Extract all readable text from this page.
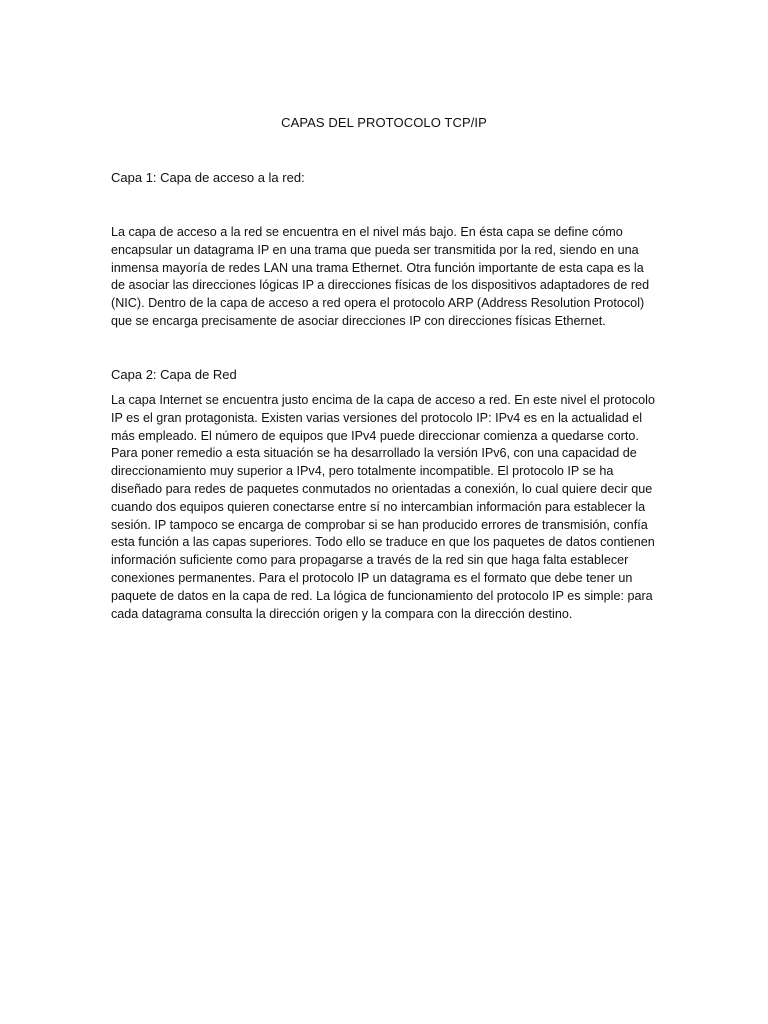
CAPAS DEL PROTOCOLO TCP/IP
Capa 1: Capa de acceso a la red:
La capa de acceso a la red se encuentra en el nivel más bajo. En ésta capa se define cómo encapsular un datagrama IP en una trama que pueda ser transmitida por la red, siendo en una inmensa mayoría de redes LAN una trama Ethernet. Otra función importante de esta capa es la de asociar las direcciones lógicas IP a direcciones físicas de los dispositivos adaptadores de red (NIC). Dentro de la capa de acceso a red opera el protocolo ARP (Address Resolution Protocol) que se encarga precisamente de asociar direcciones IP con direcciones físicas Ethernet.
Capa 2: Capa de Red
La capa Internet se encuentra justo encima de la capa de acceso a red. En este nivel el protocolo IP es el gran protagonista. Existen varias versiones del protocolo IP: IPv4 es en la actualidad el más empleado. El número de equipos que IPv4 puede direccionar comienza a quedarse corto. Para poner remedio a esta situación se ha desarrollado la versión IPv6, con una capacidad de direccionamiento muy superior a IPv4, pero totalmente incompatible. El protocolo IP se ha diseñado para redes de paquetes conmutados no orientadas a conexión, lo cual quiere decir que cuando dos equipos quieren conectarse entre sí no intercambian información para establecer la sesión. IP tampoco se encarga de comprobar si se han producido errores de transmisión, confía esta función a las capas superiores. Todo ello se traduce en que los paquetes de datos contienen información suficiente como para propagarse a través de la red sin que haga falta establecer conexiones permanentes. Para el protocolo IP un datagrama es el formato que debe tener un paquete de datos en la capa de red. La lógica de funcionamiento del protocolo IP es simple: para cada datagrama consulta la dirección origen y la compara con la dirección destino.
